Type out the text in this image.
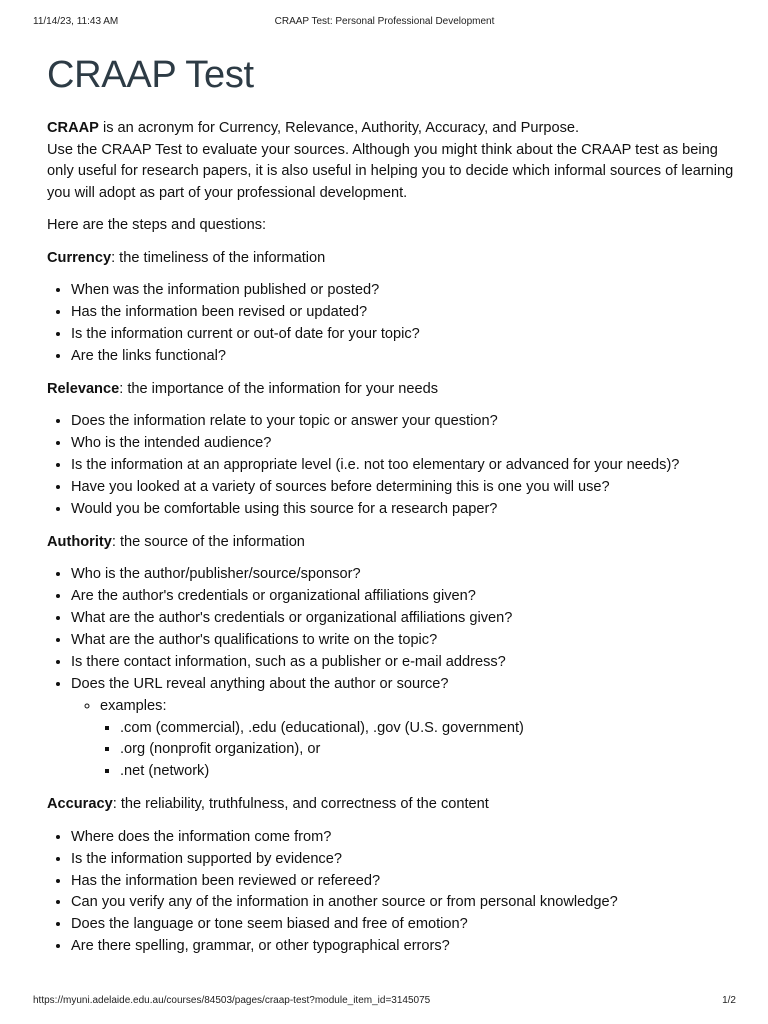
11/14/23, 11:43 AM	CRAAP Test: Personal Professional Development
CRAAP Test

CRAAP is an acronym for Currency, Relevance, Authority, Accuracy, and Purpose.
Use the CRAAP Test to evaluate your sources. Although you might think about the CRAAP test as being only useful for research papers, it is also useful in helping you to decide which informal sources of learning you will adopt as part of your professional development.

Here are the steps and questions:

Currency: the timeliness of the information

• When was the information published or posted?
• Has the information been revised or updated?
• Is the information current or out-of date for your topic?
• Are the links functional?

Relevance: the importance of the information for your needs

• Does the information relate to your topic or answer your question?
• Who is the intended audience?
• Is the information at an appropriate level (i.e. not too elementary or advanced for your needs)?
• Have you looked at a variety of sources before determining this is one you will use?
• Would you be comfortable using this source for a research paper?

Authority: the source of the information

• Who is the author/publisher/source/sponsor?
• Are the author's credentials or organizational affiliations given?
• What are the author's credentials or organizational affiliations given?
• What are the author's qualifications to write on the topic?
• Is there contact information, such as a publisher or e-mail address?
• Does the URL reveal anything about the author or source?
◦ examples:
▪ .com (commercial), .edu (educational), .gov (U.S. government)
▪ .org (nonprofit organization), or
▪ .net (network)

Accuracy: the reliability, truthfulness, and correctness of the content

• Where does the information come from?
• Is the information supported by evidence?
• Has the information been reviewed or refereed?
• Can you verify any of the information in another source or from personal knowledge?
• Does the language or tone seem biased and free of emotion?
• Are there spelling, grammar, or other typographical errors?
https://myuni.adelaide.edu.au/courses/84503/pages/craap-test?module_item_id=3145075	1/2
